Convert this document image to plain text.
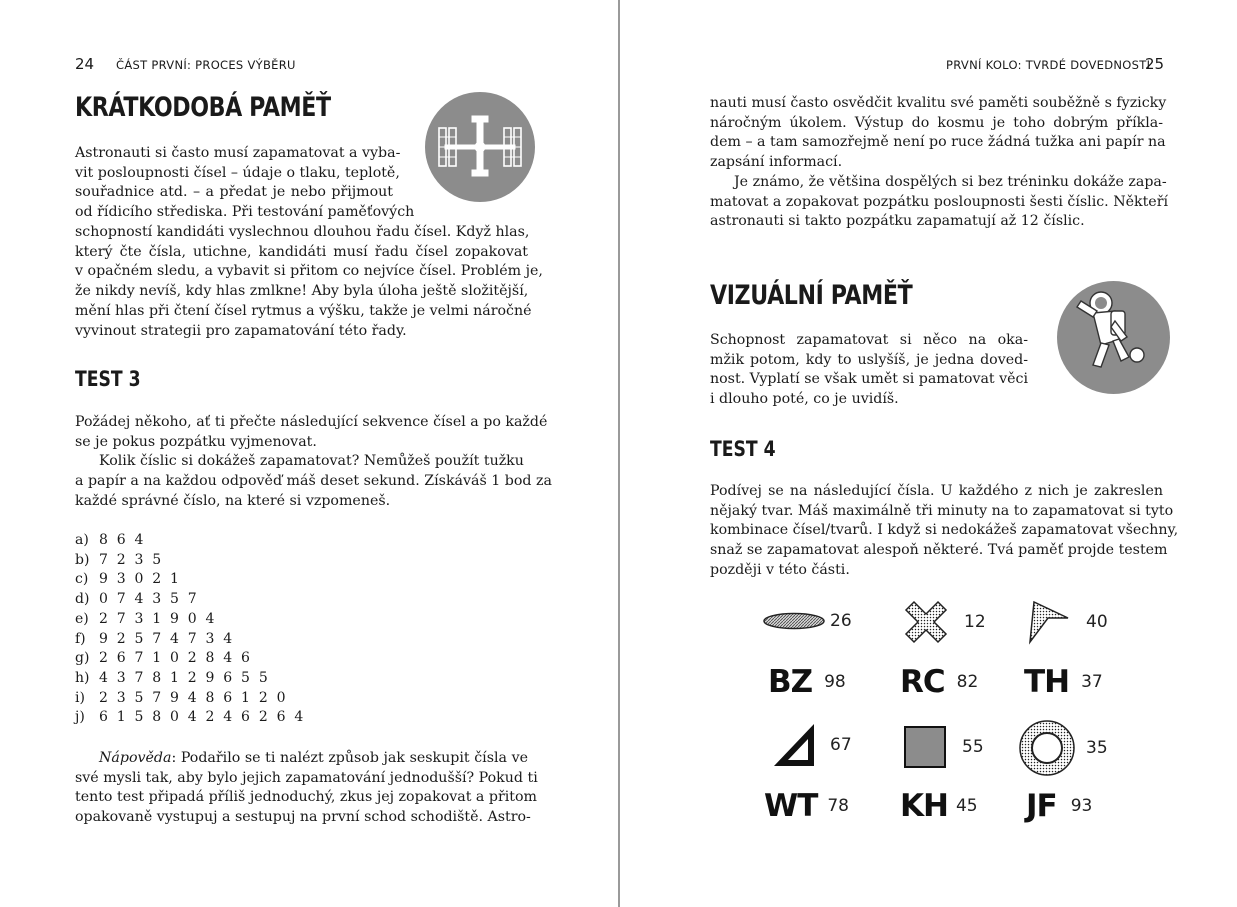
24 ČÁST PRVNÍ: PROCES VÝBĚRU
KRÁTKODOBÁ PAMĚŤ
Astronauti si často musí zapamatovat a vyba-
vit posloupnosti čísel – údaje o tlaku, teplotě,
souřadnice atd. – a předat je nebo přijmout
od řídicího střediska. Při testování paměťových
schopností kandidáti vyslechnou dlouhou řadu čísel. Když hlas,
který čte čísla, utichne, kandidáti musí řadu čísel zopakovat
v opačném sledu, a vybavit si přitom co nejvíce čísel. Problém je,
že nikdy nevíš, kdy hlas zmlkne! Aby byla úloha ještě složitější,
mění hlas při čtení čísel rytmus a výšku, takže je velmi náročné
vyvinout strategii pro zapamatování této řady.
TEST 3
Požádej někoho, ať ti přečte následující sekvence čísel a po každé
se je pokus pozpátku vyjmenovat.
Kolik číslic si dokážeš zapamatovat? Nemůžeš použít tužku
a papír a na každou odpověď máš deset sekund. Získáváš 1 bod za
každé správné číslo, na které si vzpomeneš.
a) 8 6 4
b) 7 2 3 5
c) 9 3 0 2 1
d) 0 7 4 3 5 7
e) 2 7 3 1 9 0 4
f) 9 2 5 7 4 7 3 4
g) 2 6 7 1 0 2 8 4 6
h) 4 3 7 8 1 2 9 6 5 5
i)	2 3 5 7 9 4 8 6 1 2 0
j)	6 1 5 8 0 4 2 4 6 2 6 4
Nápověda: Podařilo se ti nalézt způsob jak seskupit čísla ve
své mysli tak, aby bylo jejich zapamatování jednodušší? Pokud ti
tento test připadá příliš jednoduchý, zkus jej zopakovat a přitom
opakovaně vystupuj a sestupuj na první schod schodiště. Astro-
PRVNÍ KOLO: TVRDÉ DOVEDNOSTI
25
nauti musí často osvědčit kvalitu své paměti souběžně s fyzicky
náročným úkolem. Výstup do kosmu je toho dobrým příkla-
dem – a tam samozřejmě není po ruce žádná tužka ani papír na
zapsání informací.
Je známo, že většina dospělých si bez tréninku dokáže zapa-
matovat a zopakovat pozpátku posloupnosti šesti číslic. Někteří
astronauti si takto pozpátku zapamatují až 12 číslic.
VIZUÁLNÍ PAMĚŤ
Schopnost zapamatovat si něco na oka-
mžik potom, kdy to uslyšíš, je jedna doved-
nost. Vyplatí se však umět si pamatovat věci
i dlouho poté, co je uvidíš.
TEST 4
Podívej se na následující čísla. U každého z nich je zakreslen
nějaký tvar. Máš maximálně tři minuty na to zapamatovat si tyto
kombinace čísel/tvarů. I když si nedokážeš zapamatovat všechny,
snaž se zapamatovat alespoň některé. Tvá paměť projde testem
později v této části.
26	12	40
BZ 98 RC 82 TH 37
67	55	35
WT 78 KH 45 JF 93
